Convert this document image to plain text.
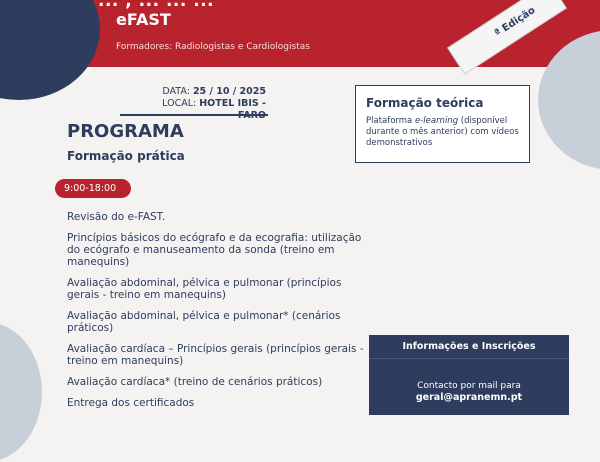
... , ... ... ...
eFAST
Formadores: Radiologistas e Cardiologistas
ª Edição
DATA: 25 / 10 / 2025
LOCAL: HOTEL IBIS -
PROGRAMA
Formação prática
9:00-18:00
Revisão do e-FAST.
Princípios básicos do ecógrafo e da ecografia: utilização do ecógrafo e manuseamento da sonda (treino em manequins)
Avaliação abdominal, pélvica e pulmonar (princípios gerais - treino em manequins)
Avaliação abdominal, pélvica e pulmonar* (cenários práticos)
Avaliação cardíaca – Princípios gerais (princípios gerais - treino em manequins)
Avaliação cardíaca* (treino de cenários práticos)
Entrega dos certificados
Formação teórica
Plataforma e-learning (disponível durante o mês anterior) com vídeos demonstrativos
Informações e Inscrições
Contacto por mail para
geral@apranemn.pt
